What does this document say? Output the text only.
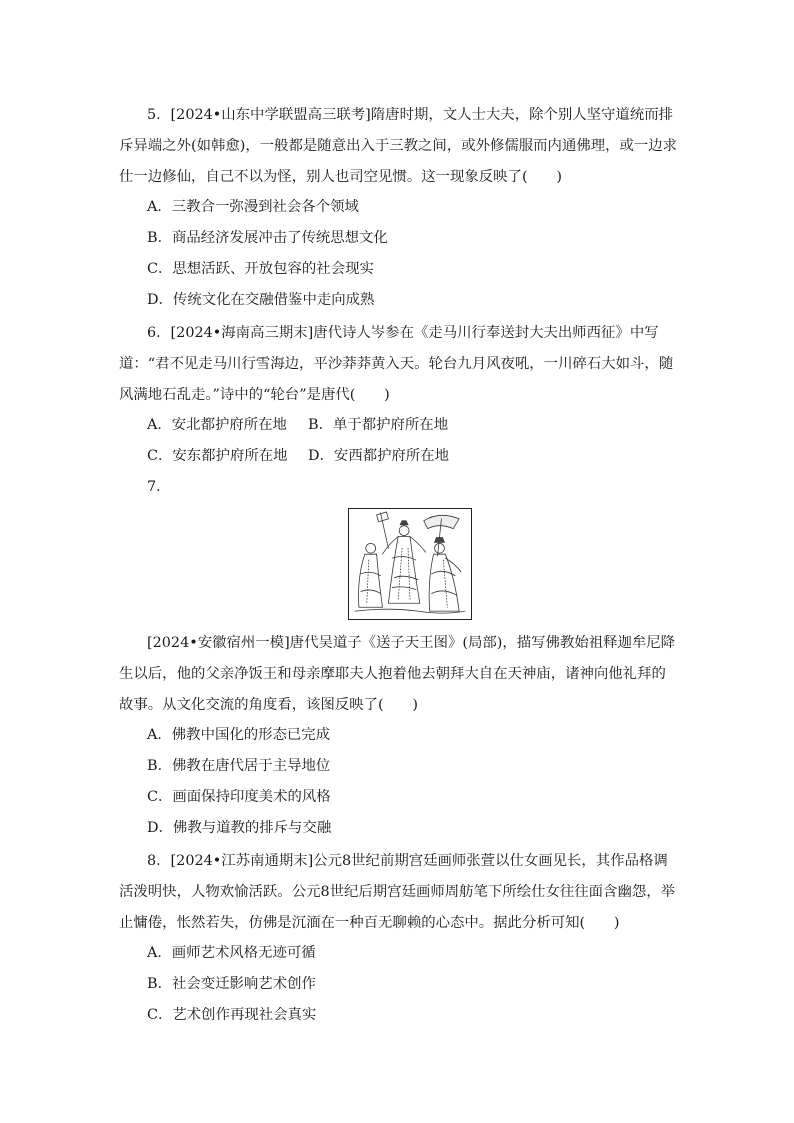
5．[2024•山东中学联盟高三联考]隋唐时期，文人士大夫，除个别人坚守道统而排斥异端之外(如韩愈)，一般都是随意出入于三教之间，或外修儒服而内通佛理，或一边求仕一边修仙，自己不以为怪，别人也司空见惯。这一现象反映了(　　)
A．三教合一弥漫到社会各个领域
B．商品经济发展冲击了传统思想文化
C．思想活跃、开放包容的社会现实
D．传统文化在交融借鉴中走向成熟
6．[2024•海南高三期末]唐代诗人岑参在《走马川行奉送封大夫出师西征》中写道：“君不见走马川行雪海边，平沙莽莽黄入天。轮台九月风夜吼，一川碎石大如斗，随风满地石乱走。”诗中的“轮台”是唐代(　　)
A．安北都护府所在地 B．单于都护府所在地
C．安东都护府所在地 D．安西都护府所在地
7．
[2024•安徽宿州一模]唐代吴道子《送子天王图》(局部)，描写佛教始祖释迦牟尼降生以后，他的父亲净饭王和母亲摩耶夫人抱着他去朝拜大自在天神庙，诸神向他礼拜的故事。从文化交流的角度看，该图反映了(　　)
A．佛教中国化的形态已完成
B．佛教在唐代居于主导地位
C．画面保持印度美术的风格
D．佛教与道教的排斥与交融
8．[2024•江苏南通期末]公元8世纪前期宫廷画师张萱以仕女画见长，其作品格调活泼明快，人物欢愉活跃。公元8世纪后期宫廷画师周舫笔下所绘仕女往往面含幽怨，举止慵倦，怅然若失，仿佛是沉湎在一种百无聊赖的心态中。据此分析可知(　　)
A．画师艺术风格无迹可循
B．社会变迁影响艺术创作
C．艺术创作再现社会真实
